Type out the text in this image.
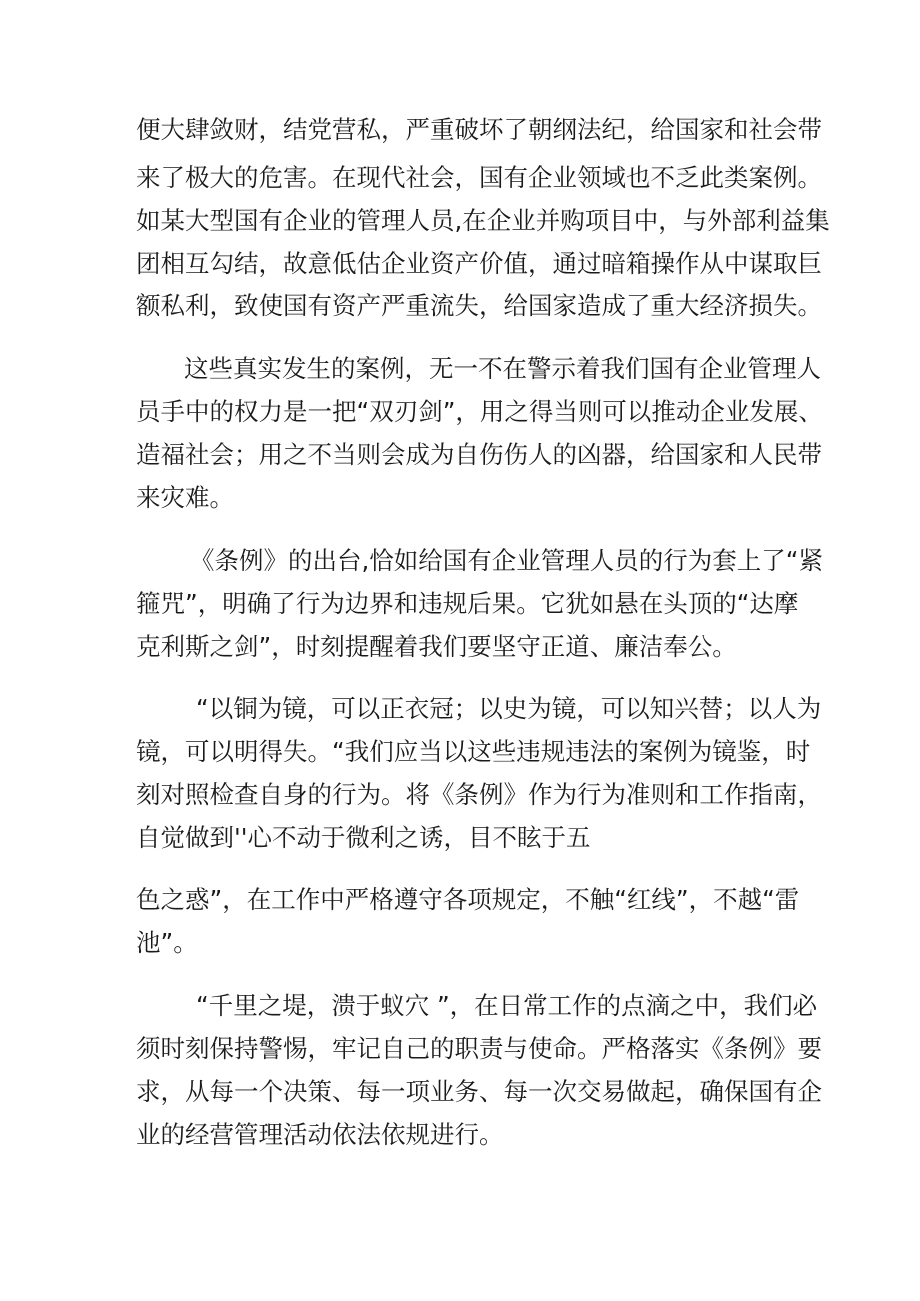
便大肆敛财，结党营私，严重破坏了朝纲法纪，给国家和社会带
来了极大的危害。在现代社会，国有企业领域也不乏此类案例。
如某大型国有企业的管理人员,在企业并购项目中，与外部利益集
团相互勾结，故意低估企业资产价值，通过暗箱操作从中谋取巨
额私利，致使国有资产严重流失，给国家造成了重大经济损失。
这些真实发生的案例，无一不在警示着我们国有企业管理人
员手中的权力是一把“双刃剑”，用之得当则可以推动企业发展、
造福社会；用之不当则会成为自伤伤人的凶器，给国家和人民带
来灾难。
《条例》的出台,恰如给国有企业管理人员的行为套上了“紧
箍咒”，明确了行为边界和违规后果。它犹如悬在头顶的“达摩
克利斯之剑”，时刻提醒着我们要坚守正道、廉洁奉公。
“以铜为镜，可以正衣冠；以史为镜，可以知兴替；以人为
镜，可以明得失。“我们应当以这些违规违法的案例为镜鉴，时
刻对照检查自身的行为。将《条例》作为行为准则和工作指南，
自觉做到''心不动于微利之诱，目不眩于五
色之惑”，在工作中严格遵守各项规定，不触“红线”，不越“雷
池”。
“千里之堤，溃于蚁穴 ”，在日常工作的点滴之中，我们必
须时刻保持警惕，牢记自己的职责与使命。严格落实《条例》要
求，从每一个决策、每一项业务、每一次交易做起，确保国有企
业的经营管理活动依法依规进行。
